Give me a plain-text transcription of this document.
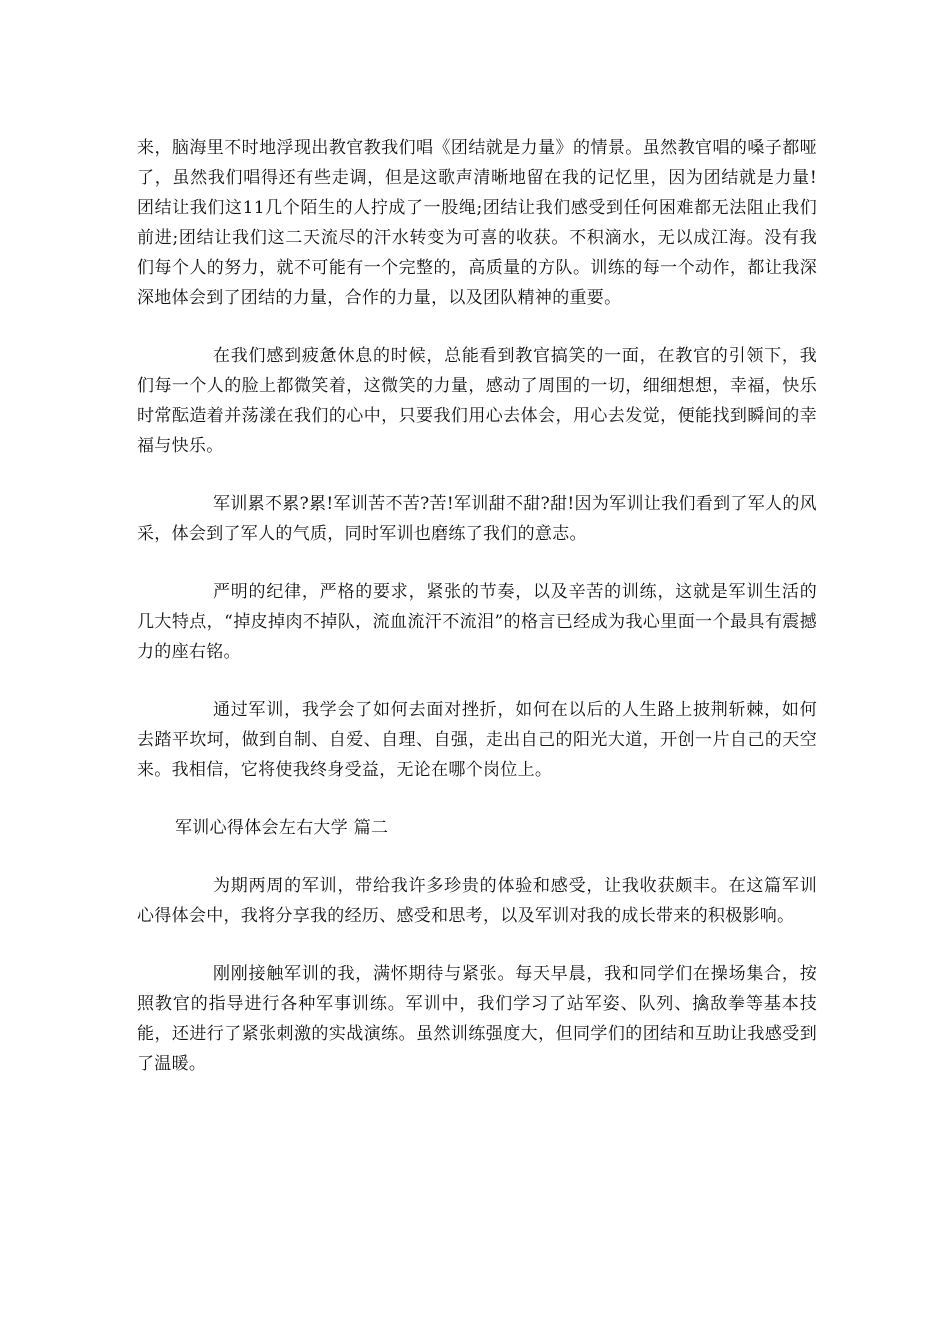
来，脑海里不时地浮现出教官教我们唱《团结就是力量》的情景。虽然教官唱的嗓子都哑了，虽然我们唱得还有些走调，但是这歌声清晰地留在我的记忆里，因为团结就是力量!团结让我们这11几个陌生的人拧成了一股绳;团结让我们感受到任何困难都无法阻止我们前进;团结让我们这二天流尽的汗水转变为可喜的收获。不积滴水，无以成江海。没有我们每个人的努力，就不可能有一个完整的，高质量的方队。训练的每一个动作，都让我深深地体会到了团结的力量，合作的力量，以及团队精神的重要。

在我们感到疲惫休息的时候，总能看到教官搞笑的一面，在教官的引领下，我们每一个人的脸上都微笑着，这微笑的力量，感动了周围的一切，细细想想，幸福，快乐时常酝造着并荡漾在我们的心中，只要我们用心去体会，用心去发觉，便能找到瞬间的幸福与快乐。

军训累不累?累!军训苦不苦?苦!军训甜不甜?甜!因为军训让我们看到了军人的风采，体会到了军人的气质，同时军训也磨练了我们的意志。

严明的纪律，严格的要求，紧张的节奏，以及辛苦的训练，这就是军训生活的几大特点，“掉皮掉肉不掉队，流血流汗不流泪”的格言已经成为我心里面一个最具有震撼力的座右铭。

通过军训，我学会了如何去面对挫折，如何在以后的人生路上披荆斩棘，如何去踏平坎坷，做到自制、自爱、自理、自强，走出自己的阳光大道，开创一片自己的天空来。我相信，它将使我终身受益，无论在哪个岗位上。

军训心得体会左右大学 篇二

为期两周的军训，带给我许多珍贵的体验和感受，让我收获颇丰。在这篇军训心得体会中，我将分享我的经历、感受和思考，以及军训对我的成长带来的积极影响。

刚刚接触军训的我，满怀期待与紧张。每天早晨，我和同学们在操场集合，按照教官的指导进行各种军事训练。军训中，我们学习了站军姿、队列、擒敌拳等基本技能，还进行了紧张刺激的实战演练。虽然训练强度大，但同学们的团结和互助让我感受到了温暖。
